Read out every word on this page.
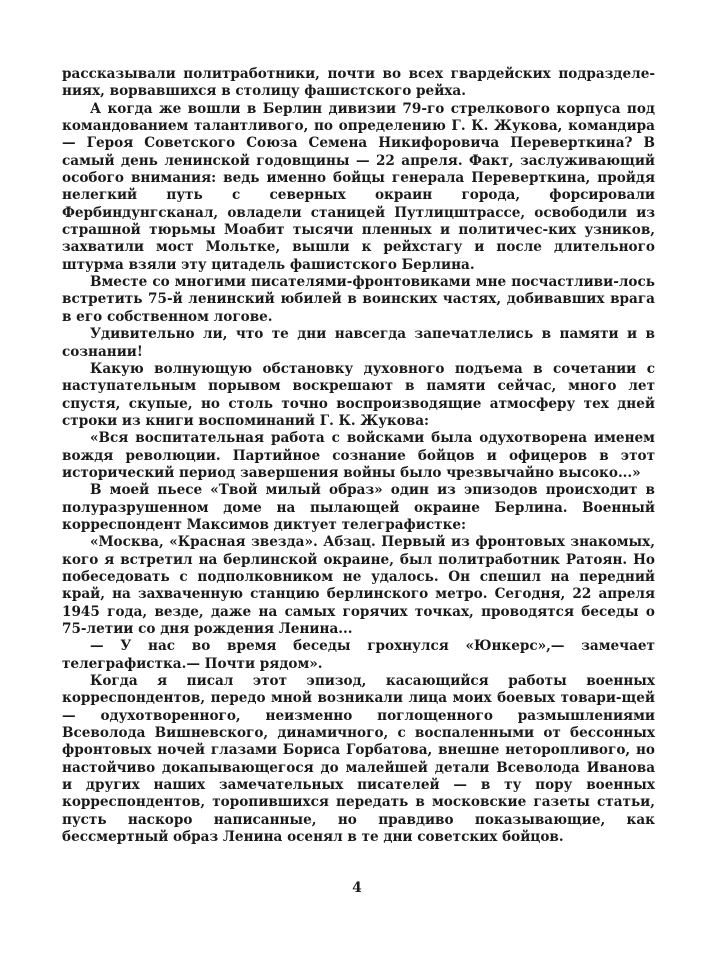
рассказывали политработники, почти во всех гвардейских подразделе-ниях, ворвавшихся в столицу фашистского рейха.

А когда же вошли в Берлин дивизии 79-го стрелкового корпуса под командованием талантливого, по определению Г. К. Жукова, командира — Героя Советского Союза Семена Никифоровича Переверткина? В самый день ленинской годовщины — 22 апреля. Факт, заслуживающий особого внимания: ведь именно бойцы генерала Переверткина, пройдя нелегкий путь с северных окраин города, форсировали Фербиндунгсканал, овладели станицей Путлицштрассе, освободили из страшной тюрьмы Моабит тысячи пленных и политичес-ких узников, захватили мост Мольтке, вышли к рейхстагу и после длительного штурма взяли эту цитадель фашистского Берлина.

Вместе со многими писателями-фронтовиками мне посчастливи-лось встретить 75-й ленинский юбилей в воинских частях, добивавших врага в его собственном логове.

Удивительно ли, что те дни навсегда запечатлелись в памяти и в сознании!

Какую волнующую обстановку духовного подъема в сочетании с наступательным порывом воскрешают в памяти сейчас, много лет спустя, скупые, но столь точно воспроизводящие атмосферу тех дней строки из книги воспоминаний Г. К. Жукова:

«Вся воспитательная работа с войсками была одухотворена именем вождя революции. Партийное сознание бойцов и офицеров в этот исторический период завершения войны было чрезвычайно высоко...»

В моей пьесе «Твой милый образ» один из эпизодов происходит в полуразрушенном доме на пылающей окраине Берлина. Военный корреспондент Максимов диктует телеграфистке:

«Москва, «Красная звезда». Абзац. Первый из фронтовых знакомых, кого я встретил на берлинской окраине, был политработник Ратоян. Но побеседовать с подполковником не удалось. Он спешил на передний край, на захваченную станцию берлинского метро. Сегодня, 22 апреля 1945 года, везде, даже на самых горячих точках, проводятся беседы о 75-летии со дня рождения Ленина...

— У нас во время беседы грохнулся «Юнкерс»,— замечает телеграфистка.— Почти рядом».

Когда я писал этот эпизод, касающийся работы военных корреспондентов, передо мной возникали лица моих боевых товари-щей — одухотворенного, неизменно поглощенного размышлениями Всеволода Вишневского, динамичного, с воспаленными от бессонных фронтовых ночей глазами Бориса Горбатова, внешне неторопливого, но настойчиво докапывающегося до малейшей детали Всеволода Иванова и других наших замечательных писателей — в ту пору военных корреспондентов, торопившихся передать в московские газеты статьи, пусть наскоро написанные, но правдиво показывающие, как бессмертный образ Ленина осенял в те дни советских бойцов.

4
